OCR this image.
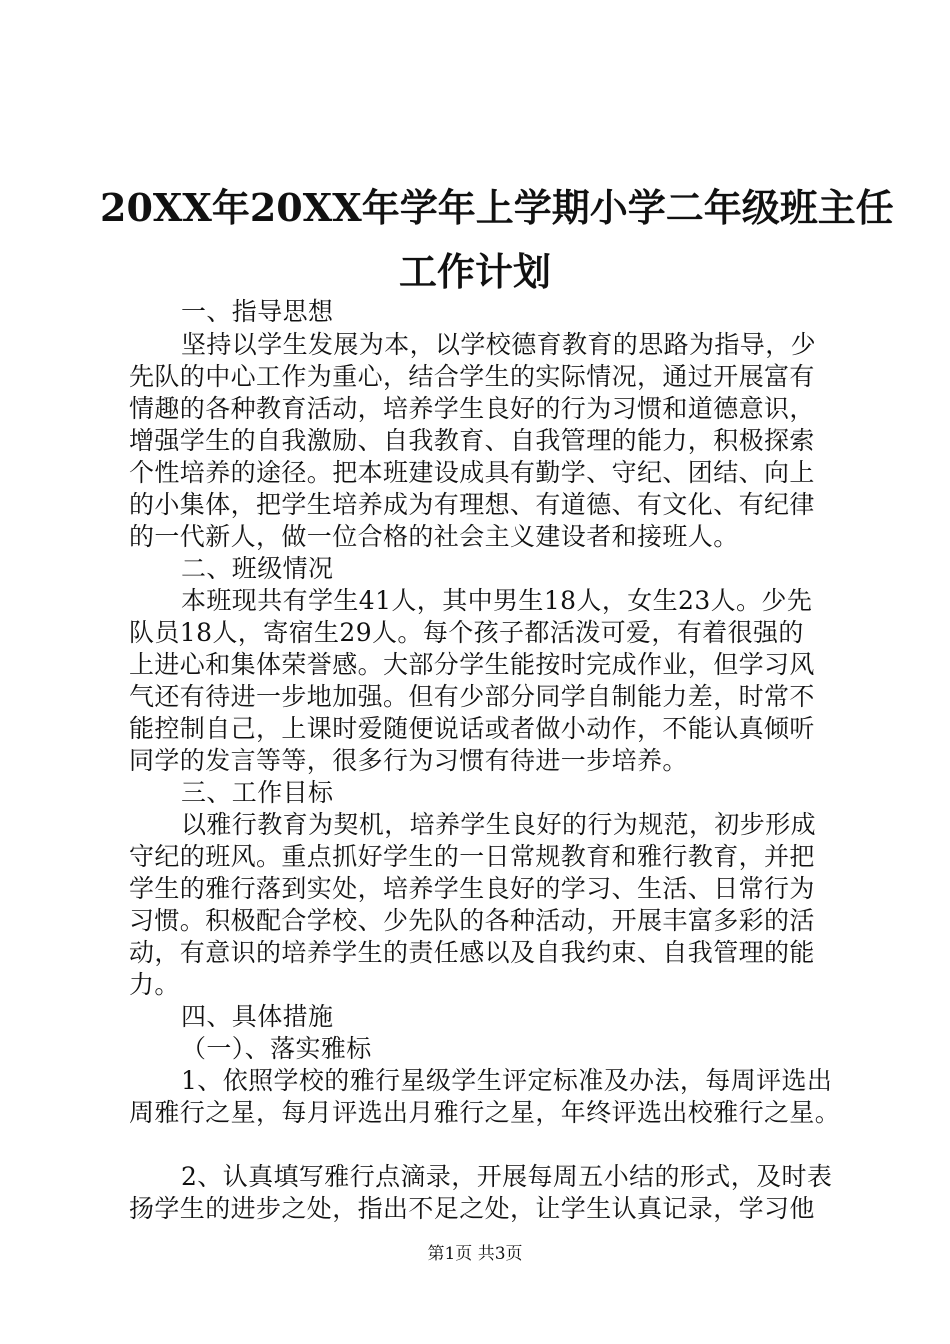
20XX年20XX年学年上学期小学二年级班主任
工作计划
一、指导思想
坚持以学生发展为本，以学校德育教育的思路为指导，少
先队的中心工作为重心，结合学生的实际情况，通过开展富有
情趣的各种教育活动，培养学生良好的行为习惯和道德意识，
增强学生的自我激励、自我教育、自我管理的能力，积极探索
个性培养的途径。把本班建设成具有勤学、守纪、团结、向上
的小集体，把学生培养成为有理想、有道德、有文化、有纪律
的一代新人，做一位合格的社会主义建设者和接班人。
二、班级情况
本班现共有学生41人，其中男生18人，女生23人。少先
队员18人，寄宿生29人。每个孩子都活泼可爱，有着很强的
上进心和集体荣誉感。大部分学生能按时完成作业，但学习风
气还有待进一步地加强。但有少部分同学自制能力差，时常不
能控制自己，上课时爱随便说话或者做小动作，不能认真倾听
同学的发言等等，很多行为习惯有待进一步培养。
三、工作目标
以雅行教育为契机，培养学生良好的行为规范，初步形成
守纪的班风。重点抓好学生的一日常规教育和雅行教育，并把
学生的雅行落到实处，培养学生良好的学习、生活、日常行为
习惯。积极配合学校、少先队的各种活动，开展丰富多彩的活
动，有意识的培养学生的责任感以及自我约束、自我管理的能
力。
四、具体措施
（一）、落实雅标
1、依照学校的雅行星级学生评定标准及办法，每周评选出
周雅行之星，每月评选出月雅行之星，年终评选出校雅行之星。
2、认真填写雅行点滴录，开展每周五小结的形式，及时表
扬学生的进步之处，指出不足之处，让学生认真记录，学习他
第1页 共3页
